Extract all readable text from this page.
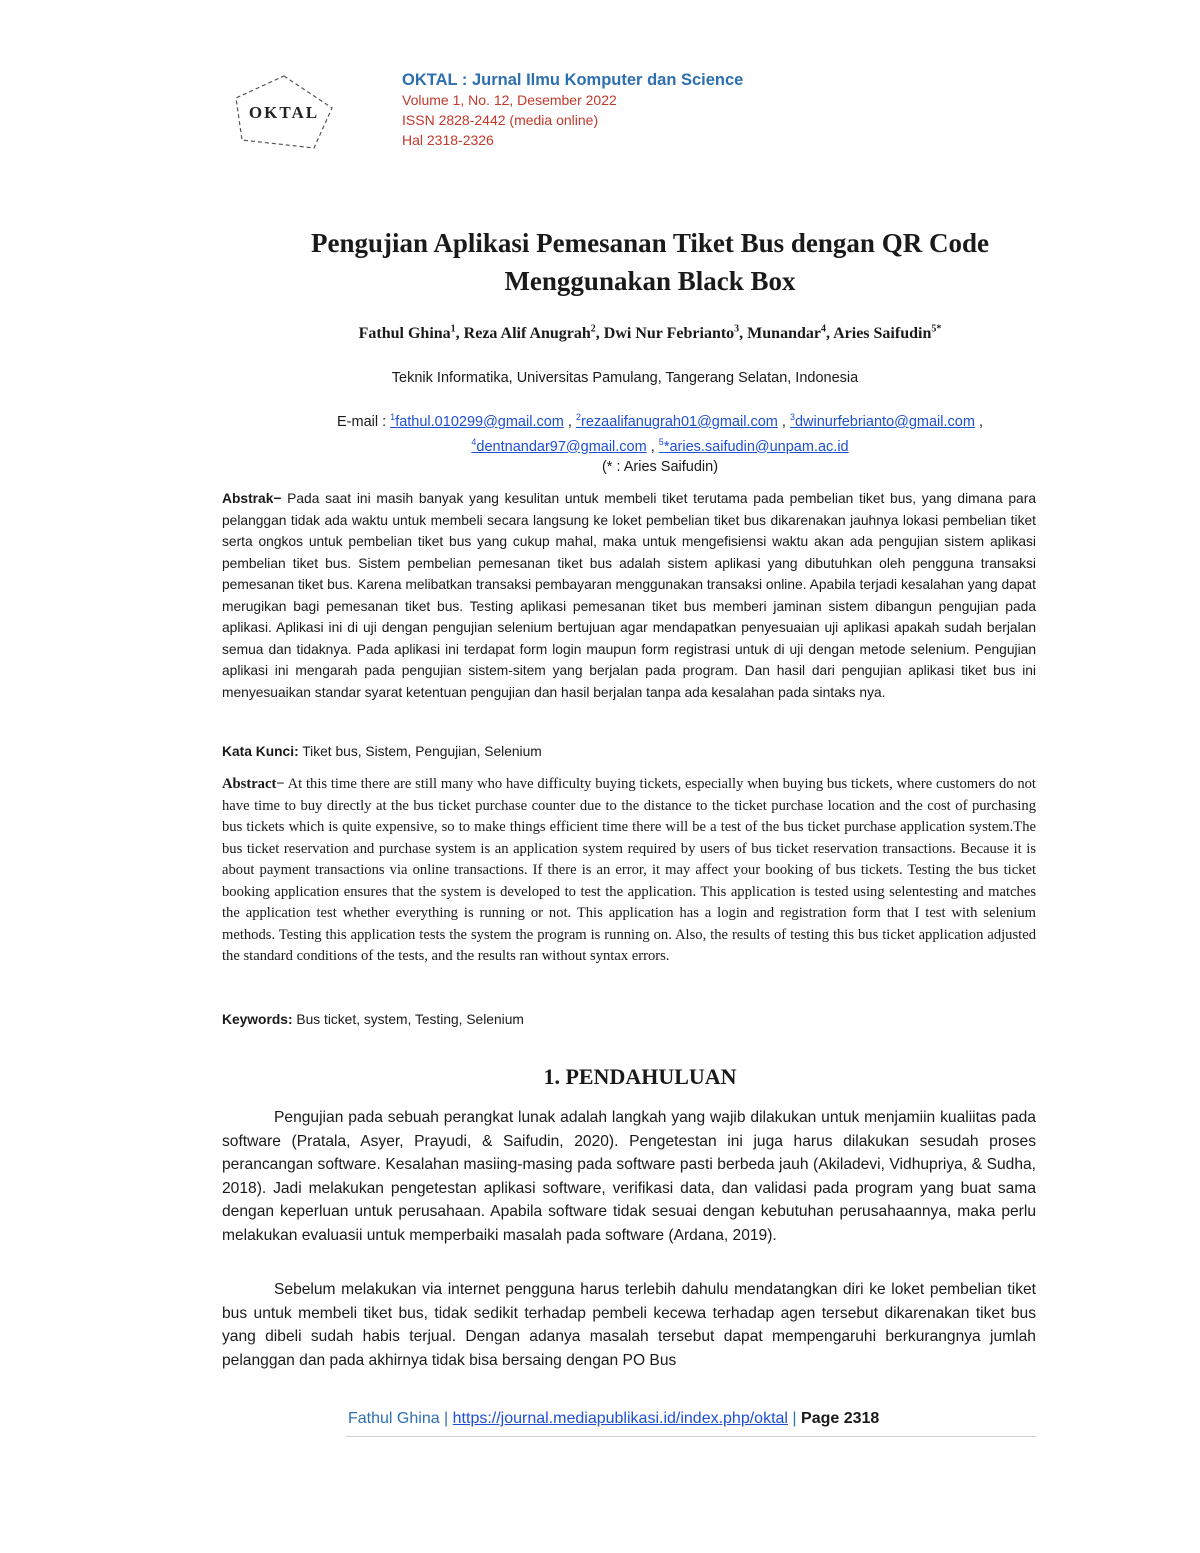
OKTAL

OKTAL : Jurnal Ilmu Komputer dan Science

Volume 1, No. 12, Desember 2022

ISSN 2828-2442 (media online)

Hal 2318-2326

Pengujian Aplikasi Pemesanan Tiket Bus dengan QR Code
Menggunakan Black Box
Fathul Ghina$^1$, Reza Alif Anugrah$^2$, Dwi Nur Febrianto$^3$, Munandar$^4$, Aries Saifudin$^{5*}$
Teknik Informatika, Universitas Pamulang, Tangerang Selatan, Indonesia
E-mail : $^1$fathul.010299@gmail.com , $^2$rezaalifanugrah01@gmail.com , $^3$dwinurfebrianto@gmail.com ,
$^4$dentnandar97@gmail.com , $^5$*aries.saifudin@unpam.ac.id
(* : Aries Saifudin)

Abstrak− Pada saat ini masih banyak yang kesulitan untuk membeli tiket terutama pada pembelian tiket bus, yang dimana para pelanggan tidak ada waktu untuk membeli secara langsung ke loket pembelian tiket bus dikarenakan jauhnya lokasi pembelian tiket serta ongkos untuk pembelian tiket bus yang cukup mahal, maka untuk mengefisiensi waktu akan ada pengujian sistem aplikasi pembelian tiket bus. Sistem pembelian pemesanan tiket bus adalah sistem aplikasi yang dibutuhkan oleh pengguna transaksi pemesanan tiket bus. Karena melibatkan transaksi pembayaran menggunakan transaksi online. Apabila terjadi kesalahan yang dapat merugikan bagi pemesanan tiket bus. Testing aplikasi pemesanan tiket bus memberi jaminan sistem dibangun pengujian pada aplikasi. Aplikasi ini di uji dengan pengujian selenium bertujuan agar mendapatkan penyesuaian uji aplikasi apakah sudah berjalan semua dan tidaknya. Pada aplikasi ini terdapat form login maupun form registrasi untuk di uji dengan metode selenium. Pengujian aplikasi ini mengarah pada pengujian sistem-sitem yang berjalan pada program. Dan hasil dari pengujian aplikasi tiket bus ini menyesuaikan standar syarat ketentuan pengujian dan hasil berjalan tanpa ada kesalahan pada sintaks nya.

Kata Kunci: Tiket bus, Sistem, Pengujian, Selenium

Abstract− At this time there are still many who have difficulty buying tickets, especially when buying bus tickets, where customers do not have time to buy directly at the bus ticket purchase counter due to the distance to the ticket purchase location and the cost of purchasing bus tickets which is quite expensive, so to make things efficient time there will be a test of the bus ticket purchase application system.The bus ticket reservation and purchase system is an application system required by users of bus ticket reservation transactions. Because it is about payment transactions via online transactions. If there is an error, it may affect your booking of bus tickets. Testing the bus ticket booking application ensures that the system is developed to test the application. This application is tested using selentesting and matches the application test whether everything is running or not. This application has a login and registration form that I test with selenium methods. Testing this application tests the system the program is running on. Also, the results of testing this bus ticket application adjusted the standard conditions of the tests, and the results ran without syntax errors.

Keywords: Bus ticket, system, Testing, Selenium

1. PENDAHULUAN

Pengujian pada sebuah perangkat lunak adalah langkah yang wajib dilakukan untuk menjamiin kualiitas pada software (Pratala, Asyer, Prayudi, & Saifudin, 2020). Pengetestan ini juga harus dilakukan sesudah proses perancangan software. Kesalahan masiing-masing pada software pasti berbeda jauh (Akiladevi, Vidhupriya, & Sudha, 2018). Jadi melakukan pengetestan aplikasi software, verifikasi data, dan validasi pada program yang buat sama dengan keperluan untuk perusahaan. Apabila software tidak sesuai dengan kebutuhan perusahaannya, maka perlu melakukan evaluasii untuk memperbaiki masalah pada software (Ardana, 2019).

Sebelum melakukan via internet pengguna harus terlebih dahulu mendatangkan diri ke loket pembelian tiket bus untuk membeli tiket bus, tidak sedikit terhadap pembeli kecewa terhadap agen tersebut dikarenakan tiket bus yang dibeli sudah habis terjual. Dengan adanya masalah tersebut dapat mempengaruhi berkurangnya jumlah pelanggan dan pada akhirnya tidak bisa bersaing dengan PO Bus

Fathul Ghina | https://journal.mediapublikasi.id/index.php/oktal | Page 2318
